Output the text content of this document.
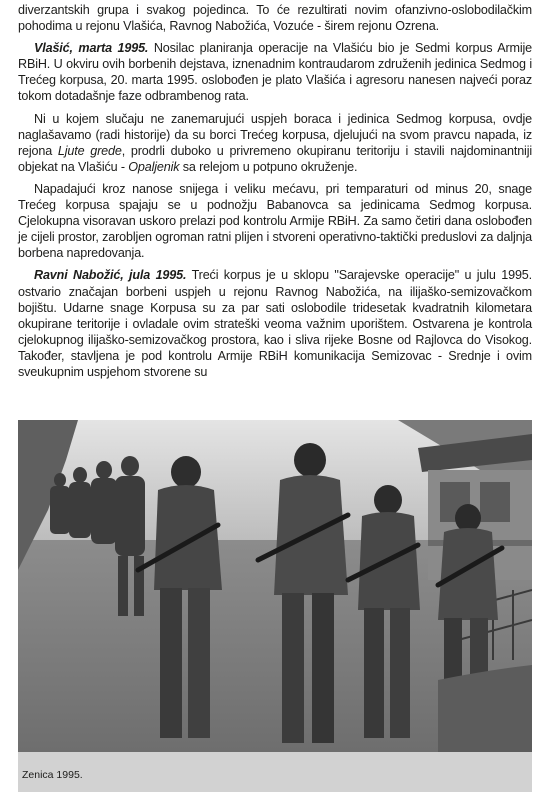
diverzantskih grupa i svakog pojedinca. To će rezultirati novim ofanzivno-oslobodilačkim pohodima u rejonu Vlašića, Ravnog Nabožića, Vozuće - širem rejonu Ozrena.

Vlašić, marta 1995. Nosilac planiranja operacije na Vlašiću bio je Sedmi korpus Armije RBiH. U okviru ovih borbenih dejstava, iznenadnim kontraudarom združenih jedinica Sedmog i Trećeg korpusa, 20. marta 1995. oslobođen je plato Vlašića i agresoru nanesen najveći poraz tokom dotadašnje faze odbrambenog rata.

Ni u kojem slučaju ne zanemarujući uspjeh boraca i jedinica Sedmog korpusa, ovdje naglašavamo (radi historije) da su borci Trećeg korpusa, djelujući na svom pravcu napada, iz rejona Ljute grede, prodrli duboko u privremeno okupiranu teritoriju i stavili najdominantniji objekat na Vlašiću - Opaljenik sa relejom u potpuno okruženje.

Napadajući kroz nanose snijega i veliku mećavu, pri temparaturi od minus 20, snage Trećeg korpusa spajaju se u podnožju Babanovca sa jedinicama Sedmog korpusa. Cjelokupna visoravan uskoro prelazi pod kontrolu Armije RBiH. Za samo četiri dana oslobođen je cijeli prostor, zarobljen ogroman ratni plijen i stvoreni operativno-taktički preduslovi za daljnja borbena napredovanja.

Ravni Nabožić, jula 1995. Treći korpus je u sklopu "Sarajevske operacije" u julu 1995. ostvario značajan borbeni uspjeh u rejonu Ravnog Nabožića, na ilijaško-semizovačkom bojištu. Udarne snage Korpusa su za par sati oslobodile tridesetak kvadratnih kilometara okupirane teritorije i ovladale ovim strateški veoma važnim uporištem. Ostvarena je kontrola cjelokupnog ilijaško-semizovačkog prostora, kao i sliva rijeke Bosne od Rajlovca do Visokog. Također, stavljena je pod kontrolu Armije RBiH komunikacija Semizovac - Srednje i ovim sveukupnim uspjehom stvorene su

Zenica 1995.
